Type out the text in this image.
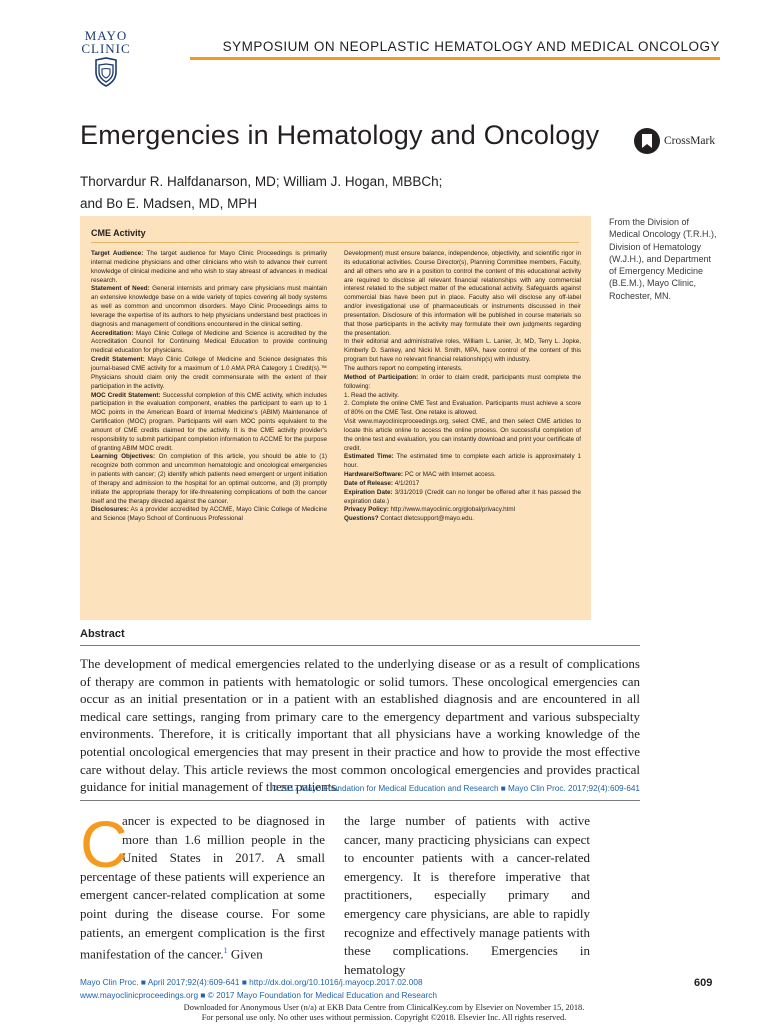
MAYO
CLINIC	SYMPOSIUM ON NEOPLASTIC HEMATOLOGY AND MEDICAL ONCOLOGY
Emergencies in Hematology and Oncology	CrossMark
Thorvardur R. Halfdanarson, MD; William J. Hogan, MBBCh;
and Bo E. Madsen, MD, MPH
From the Division of Medical Oncology (T.R.H.), Division of Hematology (W.J.H.), and Department of Emergency Medicine (B.E.M.), Mayo Clinic, Rochester, MN.
CME Activity

Target Audience: The target audience for Mayo Clinic Proceedings is primarily internal medicine physicians and other clinicians who wish to advance their current knowledge of clinical medicine and who wish to stay abreast of advances in medical research.

Statement of Need: General internists and primary care physicians must maintain an extensive knowledge base on a wide variety of topics covering all body systems as well as common and uncommon disorders. Mayo Clinic Proceedings aims to leverage the expertise of its authors to help physicians understand best practices in diagnosis and management of conditions encountered in the clinical setting.

Accreditation: Mayo Clinic College of Medicine and Science is accredited by the Accreditation Council for Continuing Medical Education to provide continuing medical education for physicians.

Credit Statement: Mayo Clinic College of Medicine and Science designates this journal-based CME activity for a maximum of 1.0 AMA PRA Category 1 Credit(s).™ Physicians should claim only the credit commensurate with the extent of their participation in the activity.

MOC Credit Statement: Successful completion of this CME activity, which includes participation in the evaluation component, enables the participant to earn up to 1 MOC points in the American Board of Internal Medicine's (ABIM) Maintenance of Certification (MOC) program. Participants will earn MOC points equivalent to the amount of CME credits claimed for the activity. It is the CME activity provider's responsibility to submit participant completion information to ACCME for the purpose of granting ABIM MOC credit.

Learning Objectives: On completion of this article, you should be able to (1) recognize both common and uncommon hematologic and oncological emergencies in patients with cancer; (2) identify which patients need emergent or urgent initiation of therapy and admission to the hospital for an optimal outcome, and (3) promptly initiate the appropriate therapy for life-threatening complications of both the cancer itself and the therapy directed against the cancer.

Disclosures: As a provider accredited by ACCME, Mayo Clinic College of Medicine and Science (Mayo School of Continuous Professional

Development) must ensure balance, independence, objectivity, and scientific rigor in its educational activities. Course Director(s), Planning Committee members, Faculty, and all others who are in a position to control the content of this educational activity are required to disclose all relevant financial relationships with any commercial interest related to the subject matter of the educational activity. Safeguards against commercial bias have been put in place. Faculty also will disclose any off-label and/or investigational use of pharmaceuticals or instruments discussed in their presentation. Disclosure of this information will be published in course materials so that those participants in the activity may formulate their own judgments regarding the presentation.

In their editorial and administrative roles, William L. Lanier, Jr, MD, Terry L. Jopke, Kimberly D. Sankey, and Nicki M. Smith, MPA, have control of the content of this program but have no relevant financial relationship(s) with industry.

The authors report no competing interests.

Method of Participation: In order to claim credit, participants must complete the following:

1. Read the activity.

2. Complete the online CME Test and Evaluation. Participants must achieve a score of 80% on the CME Test. One retake is allowed.

Visit www.mayoclinicproceedings.org, select CME, and then select CME articles to locate this article online to access the online process. On successful completion of the online test and evaluation, you can instantly download and print your certificate of credit.

Estimated Time: The estimated time to complete each article is approximately 1 hour.

Hardware/Software: PC or MAC with Internet access.

Date of Release: 4/1/2017

Expiration Date: 3/31/2019 (Credit can no longer be offered after it has passed the expiration date.)

Privacy Policy: http://www.mayoclinic.org/global/privacy.html

Questions? Contact dletcsupport@mayo.edu.

Abstract
The development of medical emergencies related to the underlying disease or as a result of complications of therapy are common in patients with hematologic or solid tumors. These oncological emergencies can occur as an initial presentation or in a patient with an established diagnosis and are encountered in all medical care settings, ranging from primary care to the emergency department and various subspecialty environments. Therefore, it is critically important that all physicians have a working knowledge of the potential oncological emergencies that may present in their practice and how to provide the most effective care without delay. This article reviews the most common oncological emergencies and provides practical guidance for initial management of these patients.
© 2017 Mayo Foundation for Medical Education and Research ■ Mayo Clin Proc. 2017;92(4):609-641
ancer is expected to be diagnosed in more than 1.6 million people in the United States in 2017. A small percentage of these patients will experience an emergent cancer-related complication at some point during the disease course. For some patients, an emergent complication is the first manifestation of the cancer.$^1$ Given
C	the large number of patients with active cancer, many practicing physicians can expect to encounter patients with a cancer-related emergency. It is therefore imperative that practitioners, especially primary and emergency care physicians, are able to rapidly recognize and effectively manage patients with these complications. Emergencies in hematology
Mayo Clin Proc. ■ April 2017;92(4):609-641 ■ http://dx.doi.org/10.1016/j.mayocp.2017.02.008
www.mayoclinicproceedings.org ■ © 2017 Mayo Foundation for Medical Education and Research
609
Downloaded for Anonymous User (n/a) at EKB Data Centre from ClinicalKey.com by Elsevier on November 15, 2018.
For personal use only. No other uses without permission. Copyright ©2018. Elsevier Inc. All rights reserved.
